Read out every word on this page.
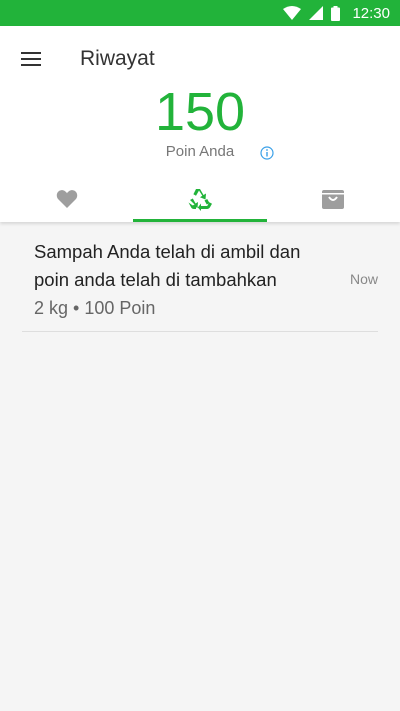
12:30
Riwayat
150
Poin Anda
Sampah Anda telah di ambil dan poin anda telah di tambahkan
2 kg • 100 Poin
Now
